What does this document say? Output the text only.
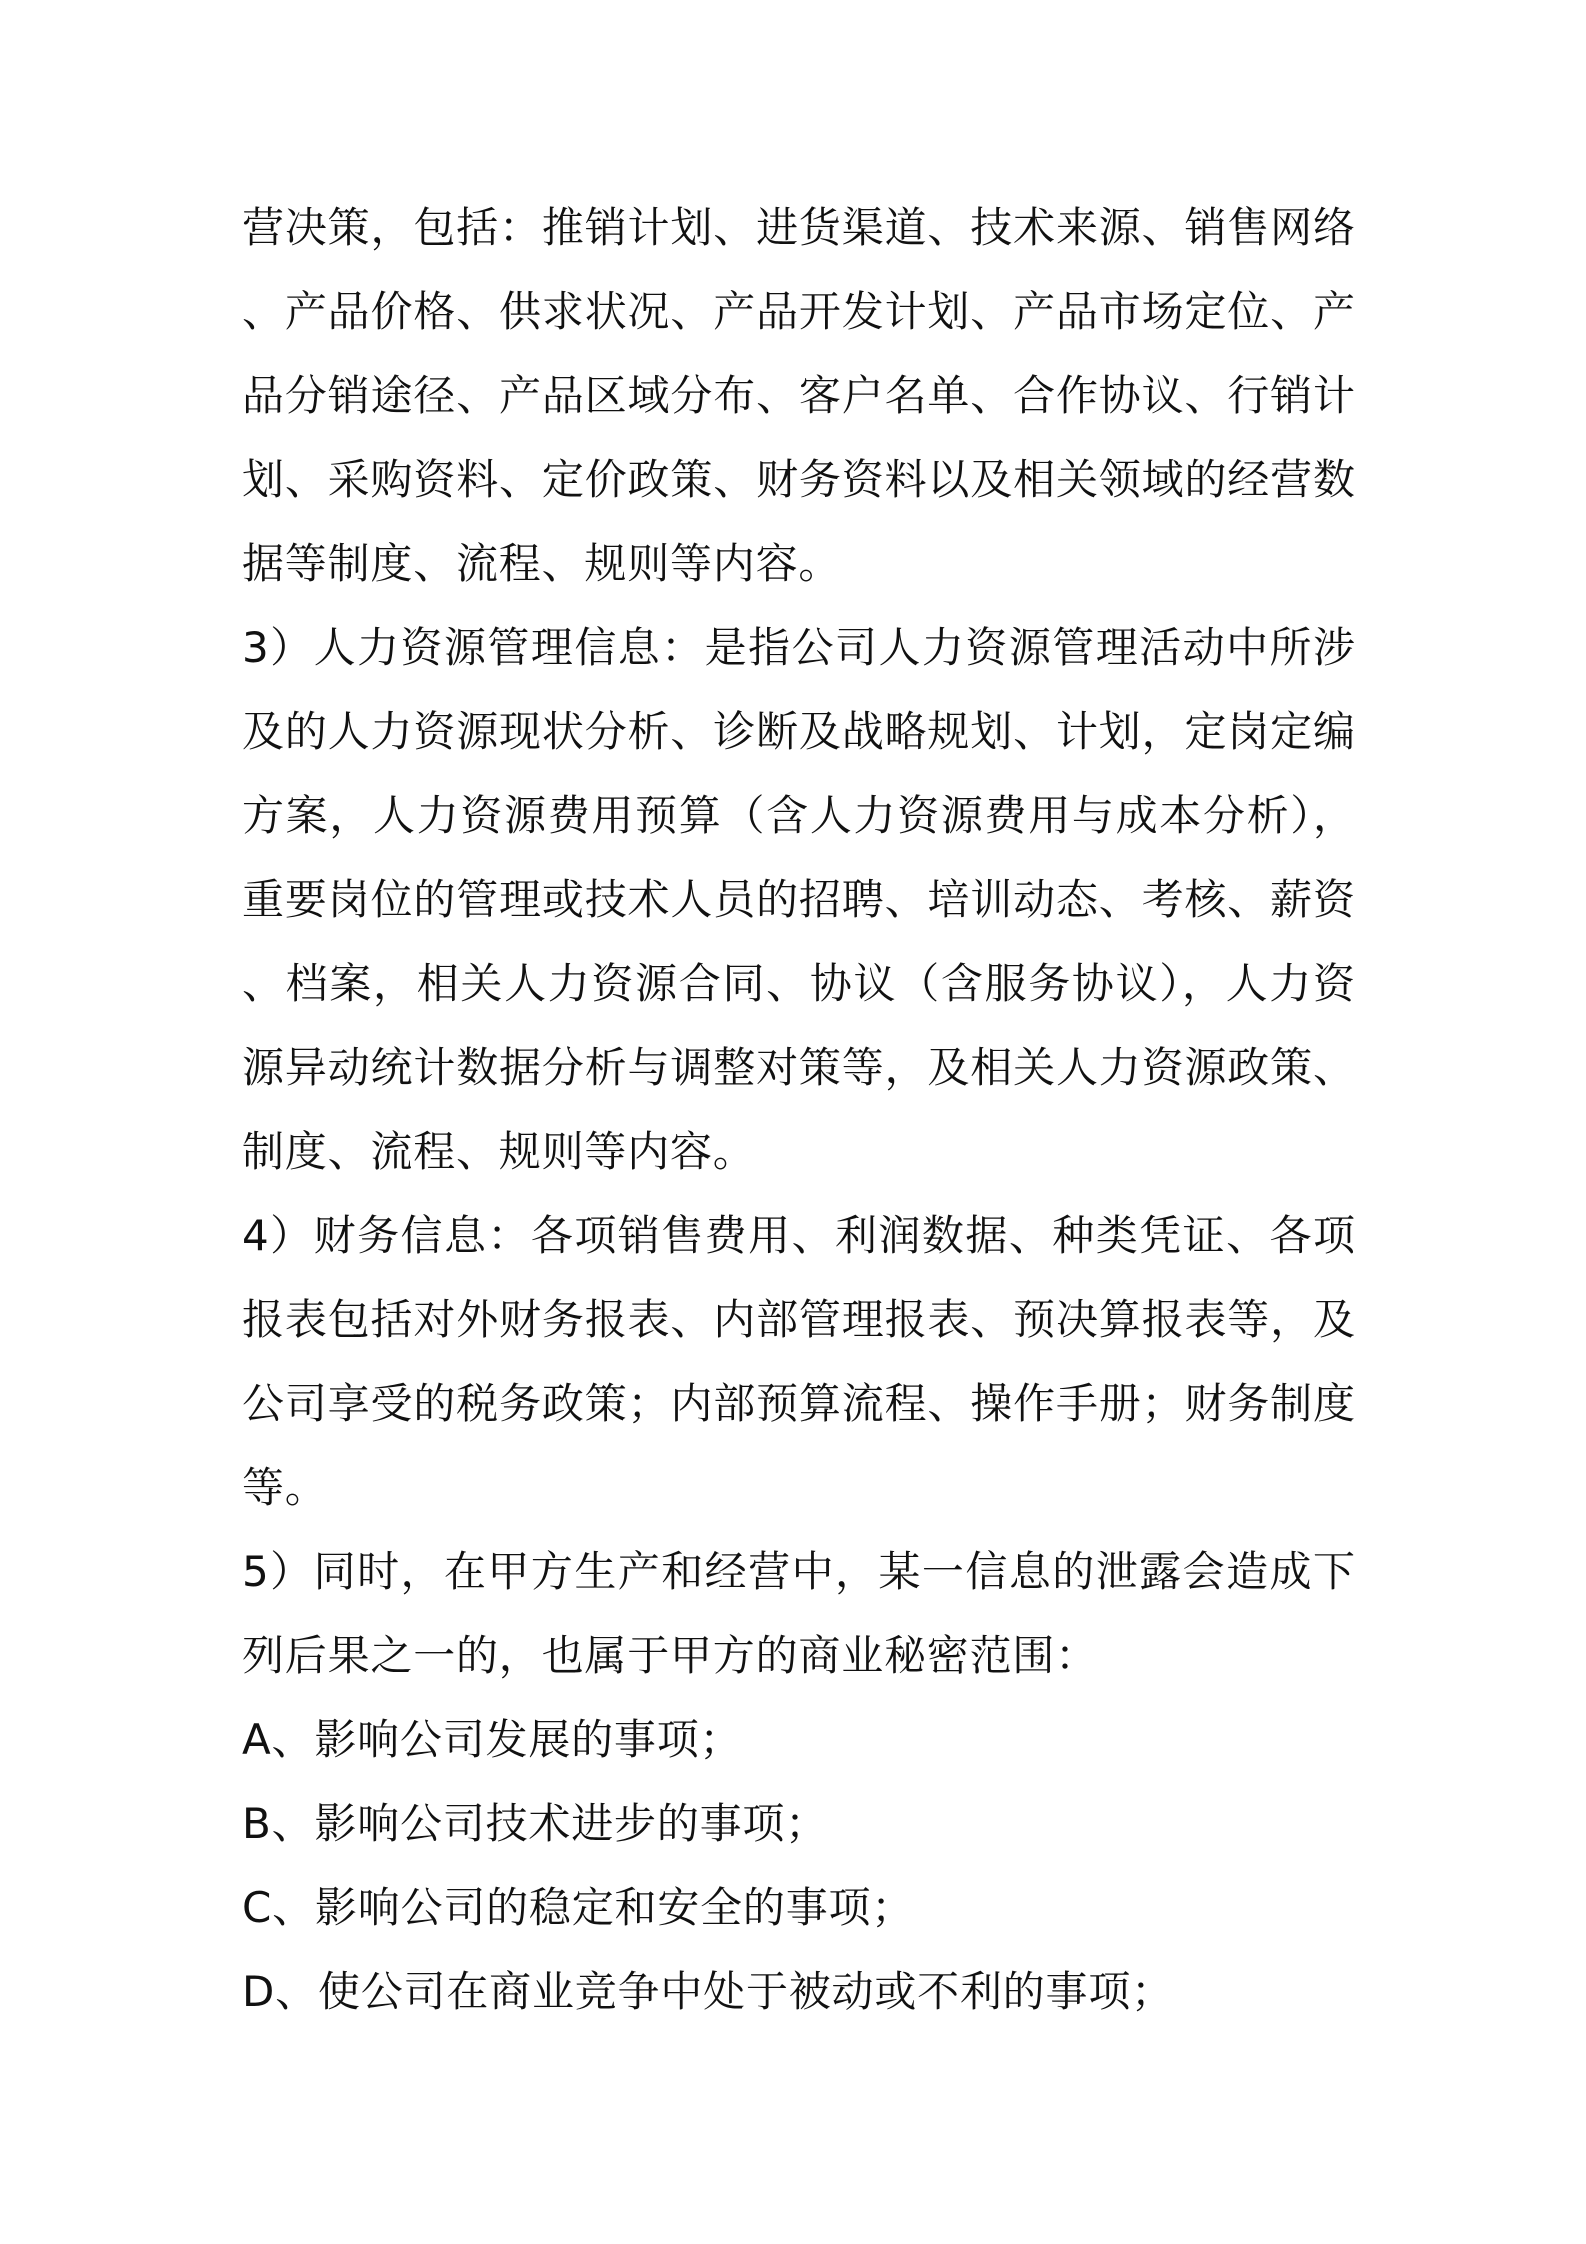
营决策，包括：推销计划、进货渠道、技术来源、销售网络
、产品价格、供求状况、产品开发计划、产品市场定位、产
品分销途径、产品区域分布、客户名单、合作协议、行销计
划、采购资料、定价政策、财务资料以及相关领域的经营数
据等制度、流程、规则等内容。
3）人力资源管理信息：是指公司人力资源管理活动中所涉
及的人力资源现状分析、诊断及战略规划、计划，定岗定编
方案，人力资源费用预算（含人力资源费用与成本分析），
重要岗位的管理或技术人员的招聘、培训动态、考核、薪资
、档案，相关人力资源合同、协议（含服务协议），人力资
源异动统计数据分析与调整对策等，及相关人力资源政策、
制度、流程、规则等内容。
4）财务信息：各项销售费用、利润数据、种类凭证、各项
报表包括对外财务报表、内部管理报表、预决算报表等，及
公司享受的税务政策；内部预算流程、操作手册；财务制度
等。
5）同时，在甲方生产和经营中，某一信息的泄露会造成下
列后果之一的，也属于甲方的商业秘密范围：
A、影响公司发展的事项；
B、影响公司技术进步的事项；
C、影响公司的稳定和安全的事项；
D、使公司在商业竞争中处于被动或不利的事项；
